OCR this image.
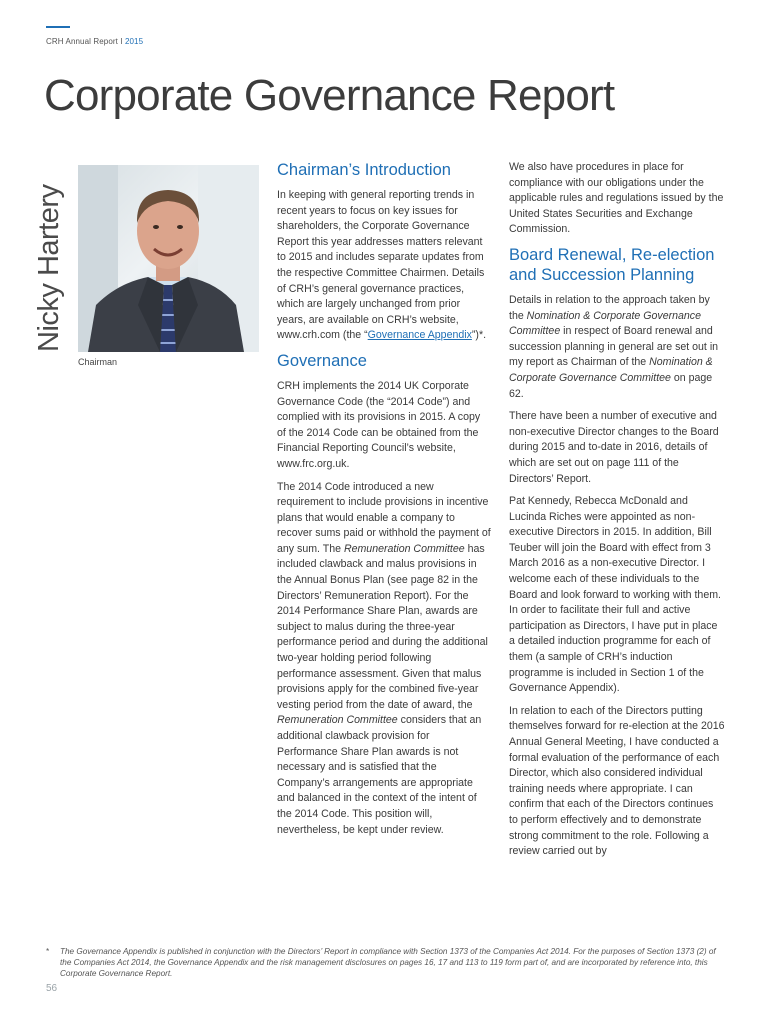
CRH Annual Report I 2015
Corporate Governance Report
Nicky Hartery
Chairman
Chairman’s Introduction

In keeping with general reporting trends in recent years to focus on key issues for shareholders, the Corporate Governance Report this year addresses matters relevant to 2015 and includes separate updates from the respective Committee Chairmen. Details of CRH’s general governance practices, which are largely unchanged from prior years, are available on CRH’s website, www.crh.com (the “Governance Appendix”)*.

Governance

CRH implements the 2014 UK Corporate Governance Code (the “2014 Code”) and complied with its provisions in 2015. A copy of the 2014 Code can be obtained from the Financial Reporting Council’s website, www.frc.org.uk.

The 2014 Code introduced a new requirement to include provisions in incentive plans that would enable a company to recover sums paid or withhold the payment of any sum. The Remuneration Committee has included clawback and malus provisions in the Annual Bonus Plan (see page 82 in the Directors’ Remuneration Report). For the 2014 Performance Share Plan, awards are subject to malus during the three-year performance period and during the additional two-year holding period following performance assessment. Given that malus provisions apply for the combined five-year vesting period from the date of award, the Remuneration Committee considers that an additional clawback provision for Performance Share Plan awards is not necessary and is satisfied that the Company’s arrangements are appropriate and balanced in the context of the intent of the 2014 Code. This position will, nevertheless, be kept under review.

We also have procedures in place for compliance with our obligations under the applicable rules and regulations issued by the United States Securities and Exchange Commission.

Board Renewal, Re-election and Succession Planning

Details in relation to the approach taken by the Nomination & Corporate Governance Committee in respect of Board renewal and succession planning in general are set out in my report as Chairman of the Nomination & Corporate Governance Committee on page 62.

There have been a number of executive and non-executive Director changes to the Board during 2015 and to-date in 2016, details of which are set out on page 111 of the Directors’ Report.

Pat Kennedy, Rebecca McDonald and Lucinda Riches were appointed as non-executive Directors in 2015. In addition, Bill Teuber will join the Board with effect from 3 March 2016 as a non-executive Director. I welcome each of these individuals to the Board and look forward to working with them. In order to facilitate their full and active participation as Directors, I have put in place a detailed induction programme for each of them (a sample of CRH’s induction programme is included in Section 1 of the Governance Appendix).

In relation to each of the Directors putting themselves forward for re-election at the 2016 Annual General Meeting, I have conducted a formal evaluation of the performance of each Director, which also considered individual training needs where appropriate. I can confirm that each of the Directors continues to perform effectively and to demonstrate strong commitment to the role. Following a review carried out by

* The Governance Appendix is published in conjunction with the Directors’ Report in compliance with Section 1373 of the Companies Act 2014. For the purposes of Section 1373 (2) of the Companies Act 2014, the Governance Appendix and the risk management disclosures on pages 16, 17 and 113 to 119 form part of, and are incorporated by reference into, this Corporate Governance Report.
56
